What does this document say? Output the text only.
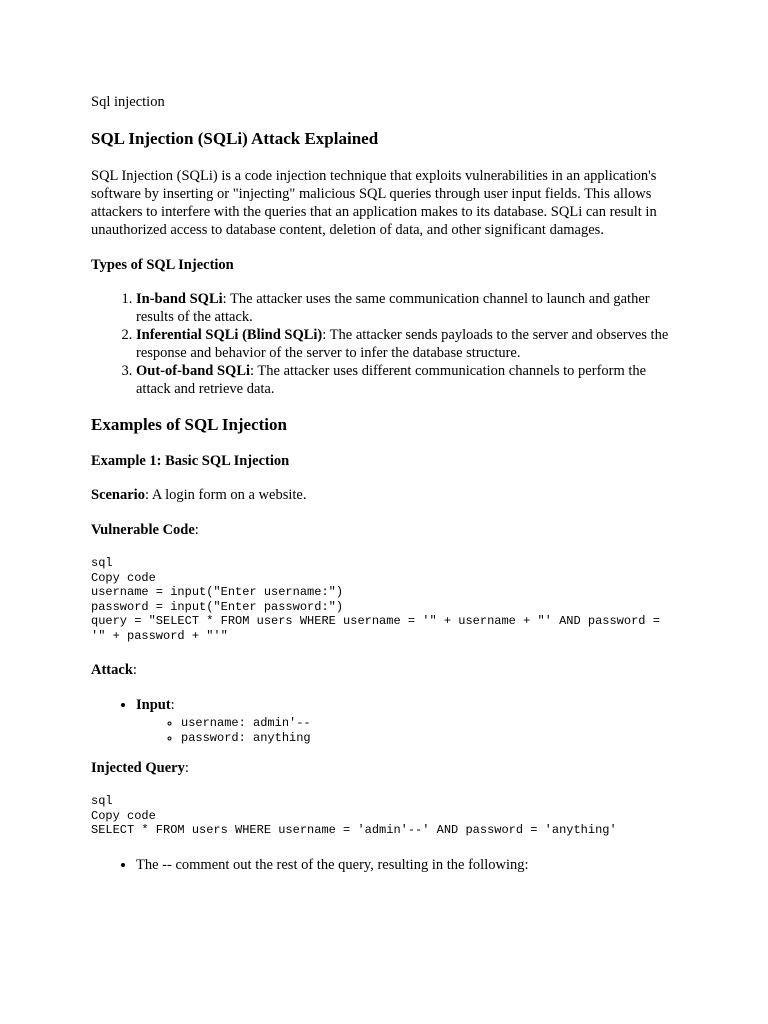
Sql injection
SQL Injection (SQLi) Attack Explained

SQL Injection (SQLi) is a code injection technique that exploits vulnerabilities in an application's software by inserting or "injecting" malicious SQL queries through user input fields. This allows attackers to interfere with the queries that an application makes to its database. SQLi can result in unauthorized access to database content, deletion of data, and other significant damages.

Types of SQL Injection
1. In-band SQLi: The attacker uses the same communication channel to launch and gather results of the attack.
2. Inferential SQLi (Blind SQLi): The attacker sends payloads to the server and observes the response and behavior of the server to infer the database structure.
3. Out-of-band SQLi: The attacker uses different communication channels to perform the attack and retrieve data.
Examples of SQL Injection
Example 1: Basic SQL Injection

Scenario: A login form on a website.

Vulnerable Code:

sql
Copy code
username = input("Enter username:")
password = input("Enter password:")
query = "SELECT * FROM users WHERE username = '" + username + "' AND password = '" + password + "'"

Attack:

• Input:
◦ username: admin'--
◦ password: anything

Injected Query:

sql
Copy code
SELECT * FROM users WHERE username = 'admin'--' AND password = 'anything'
• The -- comment out the rest of the query, resulting in the following:
